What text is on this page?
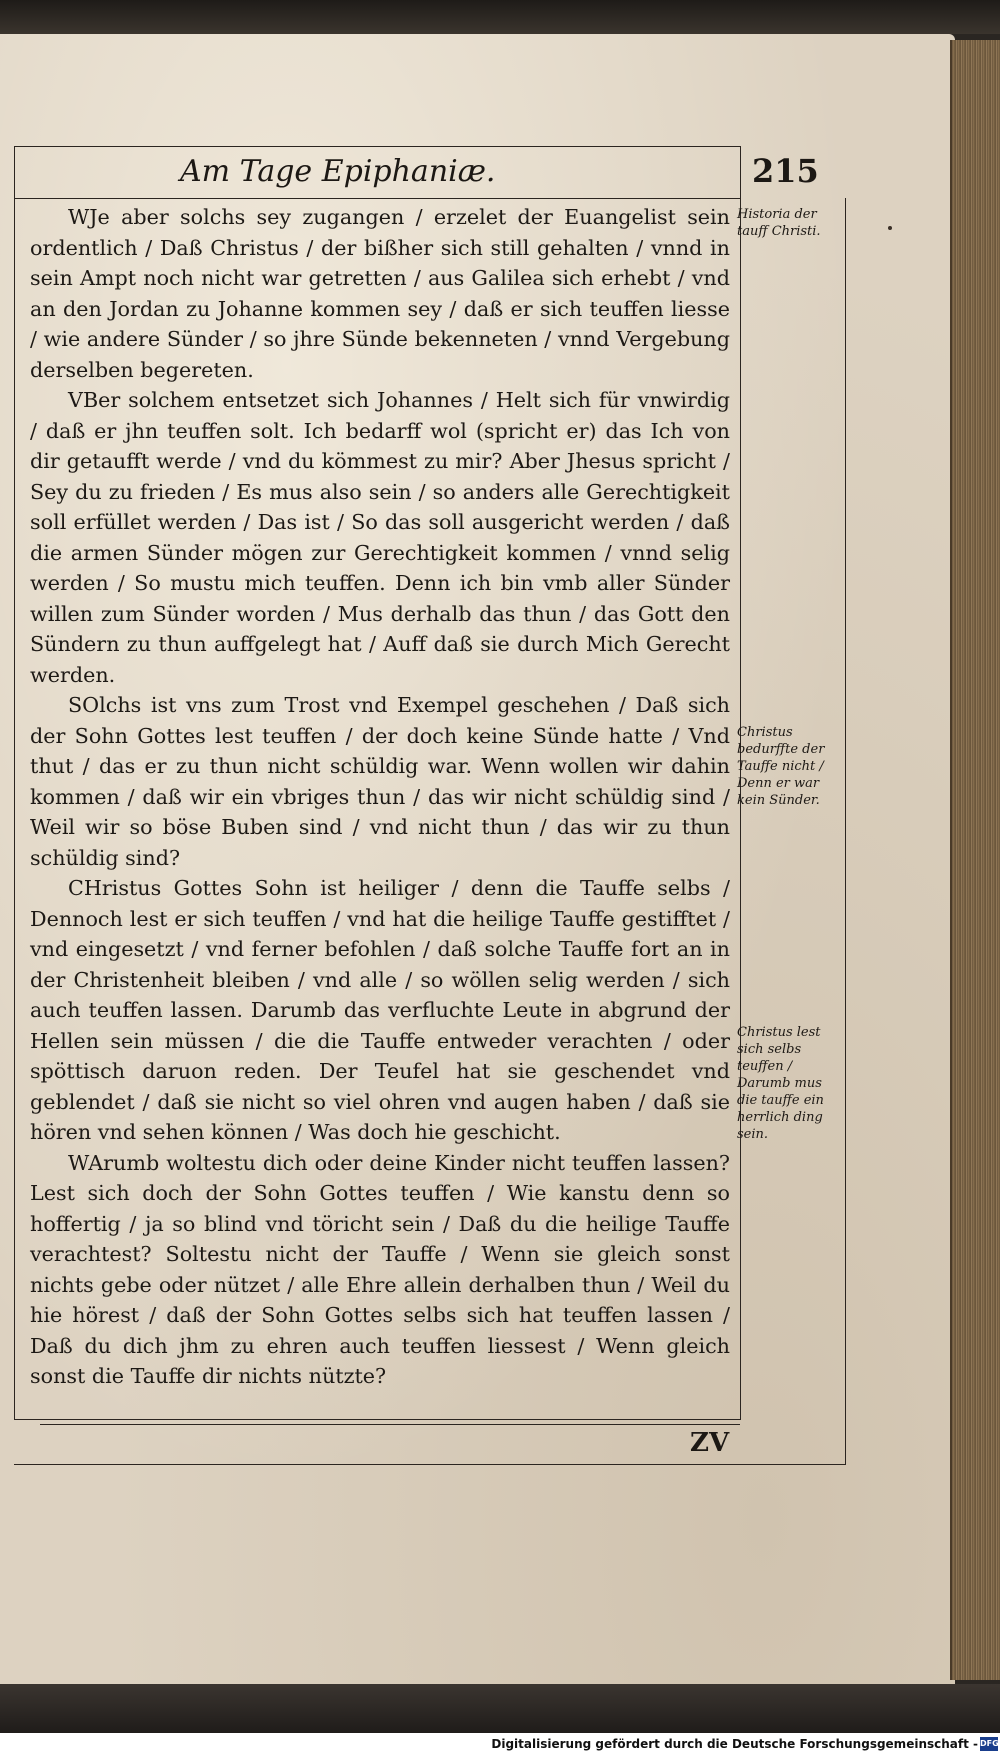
Am Tage Epiphaniæ.	215

WJe aber solchs sey zugangen / erzelet der Euangelist sein ordentlich / Daß Christus / der bißher sich still gehalten / vnnd in sein Ampt noch nicht war getretten / aus Galilea sich erhebt / vnd an den Jordan zu Johanne kommen sey / daß er sich teuffen liesse / wie andere Sünder / so jhre Sünde bekenneten / vnnd Vergebung derselben begereten.

VBer solchem entsetzet sich Johannes / Helt sich für vnwirdig / daß er jhn teuffen solt. Ich bedarff wol (spricht er) das Ich von dir getaufft werde / vnd du kömmest zu mir? Aber Jhesus spricht / Sey du zu frieden / Es mus also sein / so anders alle Gerechtigkeit soll erfüllet werden / Das ist / So das soll ausgericht werden / daß die armen Sünder mögen zur Gerechtigkeit kommen / vnnd selig werden / So mustu mich teuffen. Denn ich bin vmb aller Sünder willen zum Sünder worden / Mus derhalb das thun / das Gott den Sündern zu thun auffgelegt hat / Auff daß sie durch Mich Gerecht werden.

SOlchs ist vns zum Trost vnd Exempel geschehen / Daß sich der Sohn Gottes lest teuffen / der doch keine Sünde hatte / Vnd thut / das er zu thun nicht schüldig war. Wenn wollen wir dahin kommen / daß wir ein vbriges thun / das wir nicht schüldig sind / Weil wir so böse Buben sind / vnd nicht thun / das wir zu thun schüldig sind?

CHristus Gottes Sohn ist heiliger / denn die Tauffe selbs / Dennoch lest er sich teuffen / vnd hat die heilige Tauffe gestifftet / vnd eingesetzt / vnd ferner befohlen / daß solche Tauffe fort an in der Christenheit bleiben / vnd alle / so wöllen selig werden / sich auch teuffen lassen. Darumb das verfluchte Leute in abgrund der Hellen sein müssen / die die Tauffe entweder verachten / oder spöttisch daruon reden. Der Teufel hat sie geschendet vnd geblendet / daß sie nicht so viel ohren vnd augen haben / daß sie hören vnd sehen können / Was doch hie geschicht.

WArumb woltestu dich oder deine Kinder nicht teuffen lassen? Lest sich doch der Sohn Gottes teuffen / Wie kanstu denn so hoffertig / ja so blind vnd töricht sein / Daß du die heilige Tauffe verachtest? Soltestu nicht der Tauffe / Wenn sie gleich sonst nichts gebe oder nützet / alle Ehre allein derhalben thun / Weil du hie hörest / daß der Sohn Gottes selbs sich hat teuffen lassen / Daß du dich jhm zu ehren auch teuffen liessest / Wenn gleich sonst die Tauffe dir nichts nützte?

Historia der tauff Christi.
Christus bedurffte der Tauffe nicht / Denn er war kein Sünder.
Christus lest sich selbs teuffen / Darumb mus die tauffe ein herrlich ding sein.
ZV
Digitalisierung gefördert durch die Deutsche Forschungsgemeinschaft - DFG
